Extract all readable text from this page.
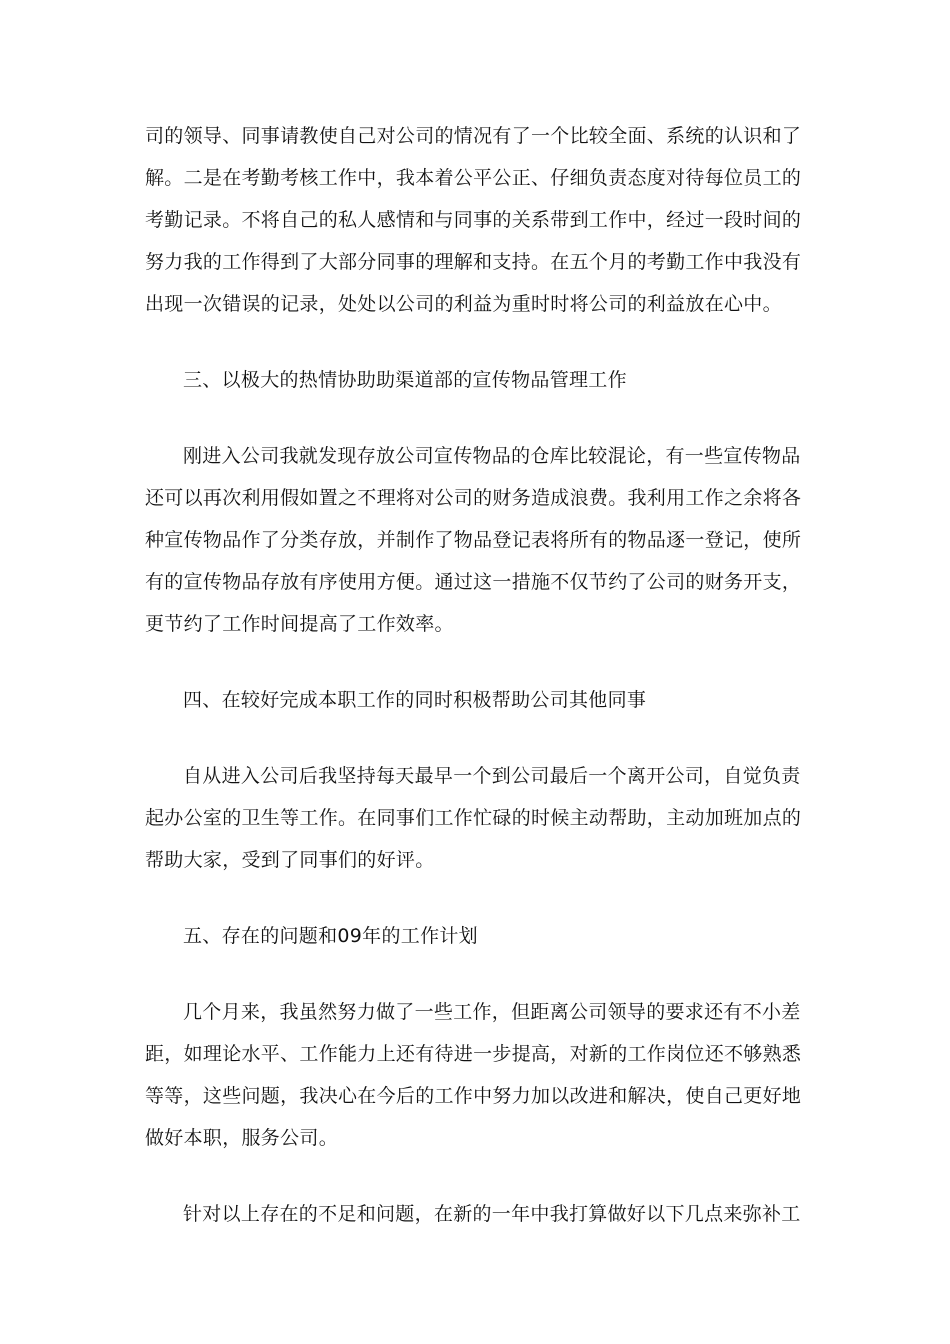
司的领导、同事请教使自己对公司的情况有了一个比较全面、系统的认识和了
解。二是在考勤考核工作中，我本着公平公正、仔细负责态度对待每位员工的
考勤记录。不将自己的私人感情和与同事的关系带到工作中，经过一段时间的
努力我的工作得到了大部分同事的理解和支持。在五个月的考勤工作中我没有
出现一次错误的记录，处处以公司的利益为重时时将公司的利益放在心中。
三、以极大的热情协助助渠道部的宣传物品管理工作
刚进入公司我就发现存放公司宣传物品的仓库比较混论，有一些宣传物品
还可以再次利用假如置之不理将对公司的财务造成浪费。我利用工作之余将各
种宣传物品作了分类存放，并制作了物品登记表将所有的物品逐一登记，使所
有的宣传物品存放有序使用方便。通过这一措施不仅节约了公司的财务开支，
更节约了工作时间提高了工作效率。
四、在较好完成本职工作的同时积极帮助公司其他同事
自从进入公司后我坚持每天最早一个到公司最后一个离开公司，自觉负责
起办公室的卫生等工作。在同事们工作忙碌的时候主动帮助，主动加班加点的
帮助大家，受到了同事们的好评。
五、存在的问题和09年的工作计划
几个月来，我虽然努力做了一些工作，但距离公司领导的要求还有不小差
距，如理论水平、工作能力上还有待进一步提高，对新的工作岗位还不够熟悉
等等，这些问题，我决心在今后的工作中努力加以改进和解决，使自己更好地
做好本职，服务公司。
针对以上存在的不足和问题，在新的一年中我打算做好以下几点来弥补工
